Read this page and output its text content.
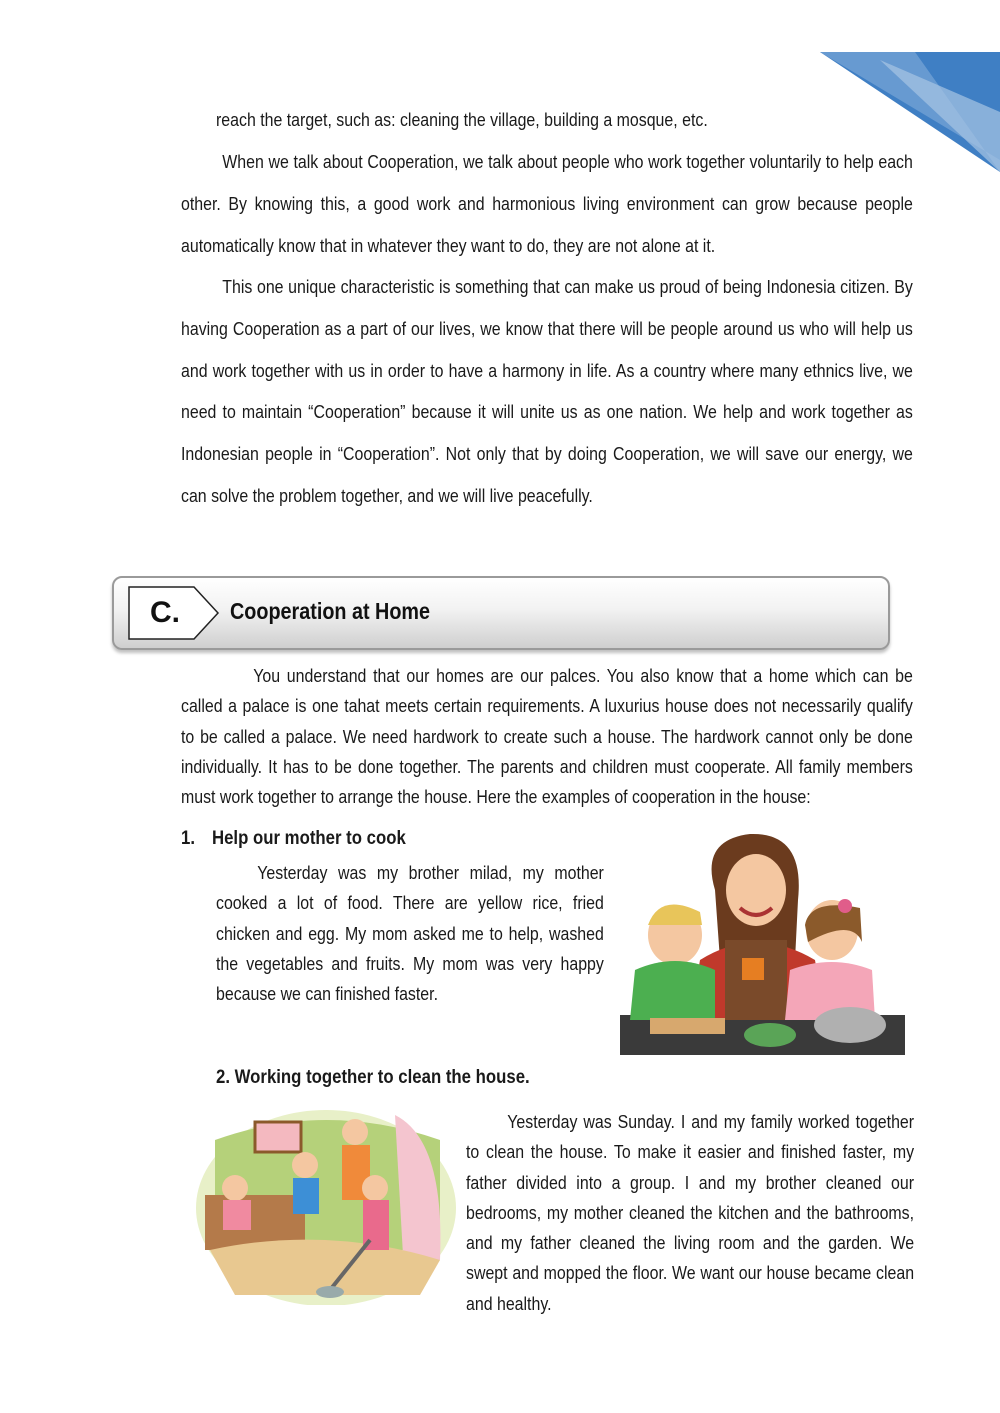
reach the target, such as: cleaning the village, building a mosque, etc.
When we talk about Cooperation, we talk about people who work together voluntarily to help each other. By knowing this, a good work and harmonious living environment can grow because people automatically know that in whatever they want to do, they are not alone at it.
This one unique characteristic is something that can make us proud of being Indonesia citizen. By having Cooperation as a part of our lives, we know that there will be people around us who will help us and work together with us in order to have a harmony in life. As a country where many ethnics live, we need to maintain “Cooperation” because it will unite us as one nation. We help and work together as Indonesian people in “Cooperation”. Not only that by doing Cooperation, we will save our energy, we can solve the problem together, and we will live peacefully.
C. Cooperation at Home
You understand that our homes are our palces. You also know that a home which can be called a palace is one tahat meets certain requirements. A luxurius house does not necessarily qualify to be called a palace. We need hardwork to create such a house. The hardwork cannot only be done individually. It has to be done together. The parents and children must cooperate. All family members must work together to arrange the house. Here the examples of cooperation in the house:
1. Help our mother to cook
Yesterday was my brother milad, my mother cooked a lot of food. There are yellow rice, fried chicken and egg. My mom asked me to help, washed the vegetables and fruits. My mom was very happy because we can finished faster.
2. Working together to clean the house.
Yesterday was Sunday. I and my family worked together to clean the house. To make it easier and finished faster, my father divided into a group. I and my brother cleaned our bedrooms, my mother cleaned the kitchen and the bathrooms, and my father cleaned the living room and the garden. We swept and mopped the floor. We want our house became clean and healthy.
